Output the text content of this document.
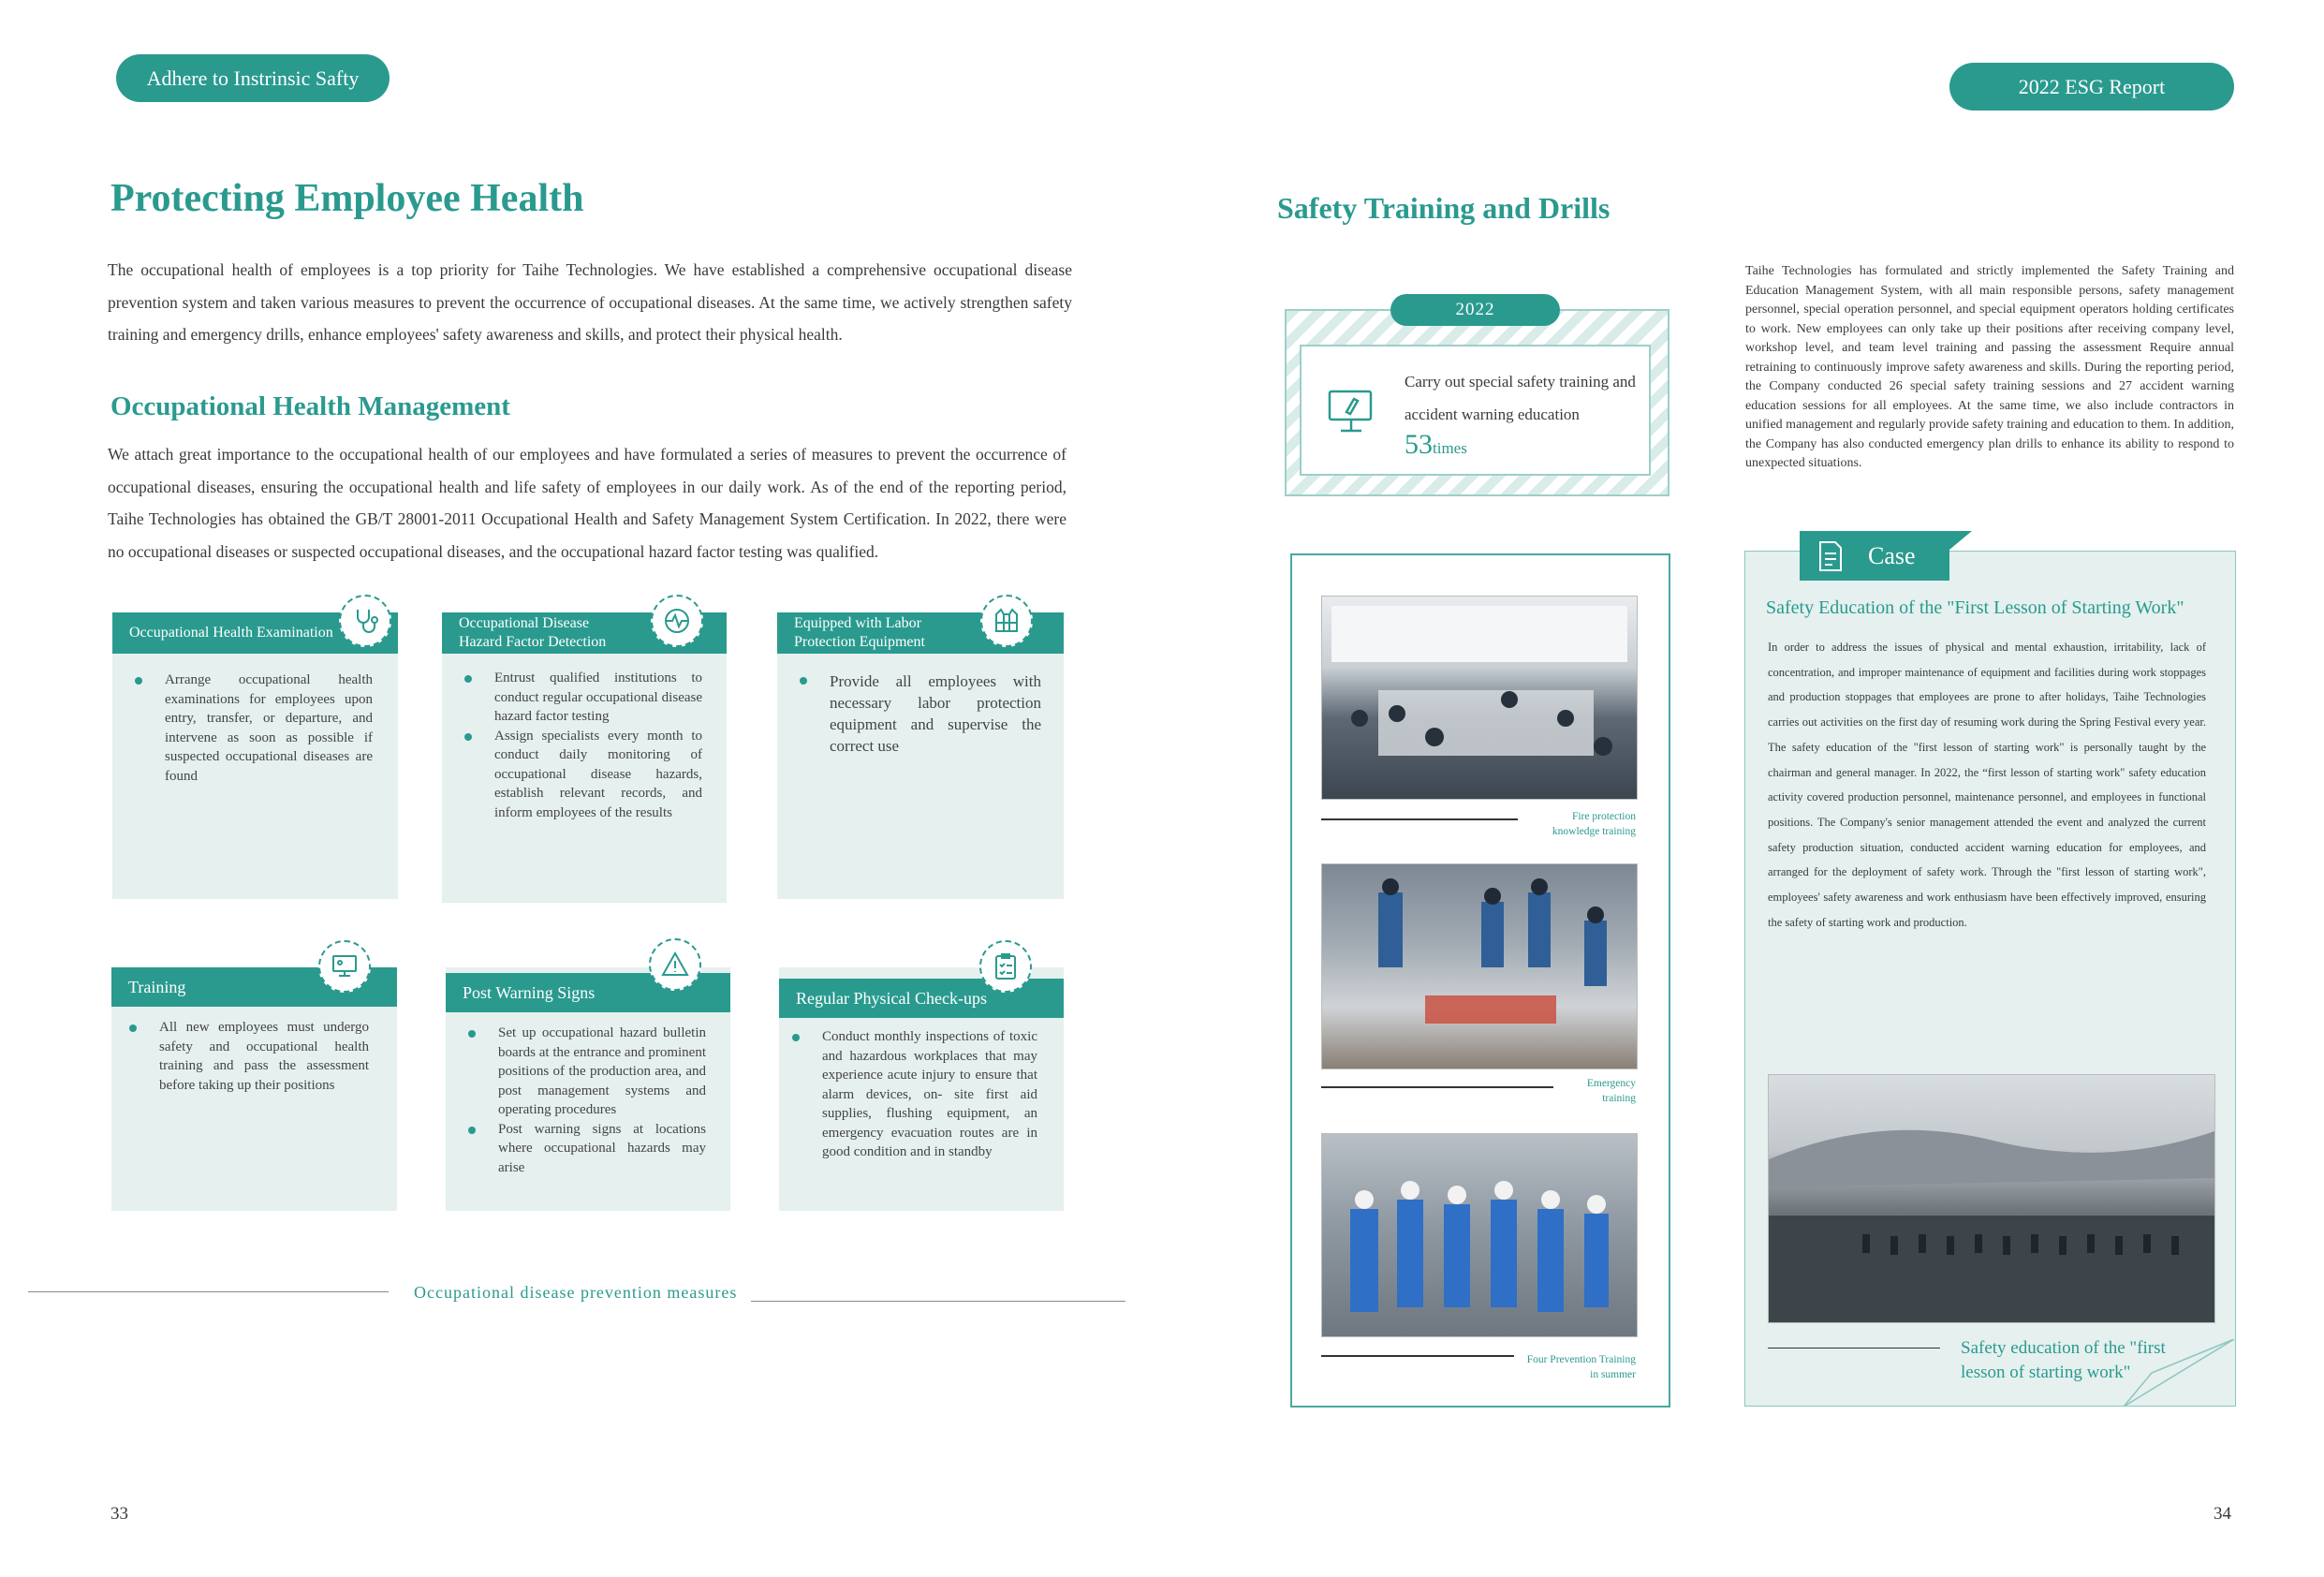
Adhere to Instrinsic Safty	2022 ESG Report
Protecting Employee Health
The occupational health of employees is a top priority for Taihe Technologies. We have established a comprehensive occupational disease prevention system and taken various measures to prevent the occurrence of occupational diseases. At the same time, we actively strengthen safety training and emergency drills, enhance employees' safety awareness and skills, and protect their physical health.
Occupational Health Management
We attach great importance to the occupational health of our employees and have formulated a series of measures to prevent the occurrence of occupational diseases, ensuring the occupational health and life safety of employees in our daily work. As of the end of the reporting period, Taihe Technologies has obtained the GB/T 28001-2011 Occupational Health and Safety Management System Certification. In 2022, there were no occupational diseases or suspected occupational diseases, and the occupational hazard factor testing was qualified.
Occupational Health Examination
Arrange occupational health examinations for employees upon entry, transfer, or departure, and intervene as soon as possible if suspected occupational diseases are found
Occupational Disease Hazard Factor Detection
Entrust qualified institutions to conduct regular occupational disease hazard factor testing
Assign specialists every month to conduct daily monitoring of occupational disease hazards, establish relevant records, and inform employees of the results
Equipped with Labor Protection Equipment
Provide all employees with necessary labor protection equipment and supervise the correct use
Training
All new employees must undergo safety and occupational health training and pass the assessment before taking up their positions
Post Warning Signs
Set up occupational hazard bulletin boards at the entrance and prominent positions of the production area, and post management systems and operating procedures
Post warning signs at locations where occupational hazards may arise
Regular Physical Check-ups
Conduct monthly inspections of toxic and hazardous workplaces that may experience acute injury to ensure that alarm devices, on- site first aid supplies, flushing equipment, an emergency evacuation routes are in good condition and in standby
Occupational disease prevention measures
33
Safety Training and Drills
Carry out special safety training and accident warning education
53times
2022
Taihe Technologies has formulated and strictly implemented the Safety Training and Education Management System, with all main responsible persons, safety management personnel, special operation personnel, and special equipment operators holding certificates to work. New employees can only take up their positions after receiving company level, workshop level, and team level training and passing the assessment Require annual retraining to continuously improve safety awareness and skills. During the reporting period, the Company conducted 26 special safety training sessions and 27 accident warning education sessions for all employees. At the same time, we also include contractors in unified management and regularly provide safety training and education to them. In addition, the Company has also conducted emergency plan drills to enhance its ability to respond to unexpected situations.
Fire protection knowledge training
Emergency training
Four Prevention Training in summer
Case
Safety Education of the "First Lesson of Starting Work"
In order to address the issues of physical and mental exhaustion, irritability, lack of concentration, and improper maintenance of equipment and facilities during work stoppages and production stoppages that employees are prone to after holidays, Taihe Technologies carries out activities on the first day of resuming work during the Spring Festival every year. The safety education of the "first lesson of starting work" is personally taught by the chairman and general manager. In 2022, the “first lesson of starting work" safety education activity covered production personnel, maintenance personnel, and employees in functional positions. The Company's senior management attended the event and analyzed the current safety production situation, conducted accident warning education for employees, and arranged for the deployment of safety work. Through the "first lesson of starting work", employees' safety awareness and work enthusiasm have been effectively improved, ensuring the safety of starting work and production.
Safety education of the "first lesson of starting work"
34
